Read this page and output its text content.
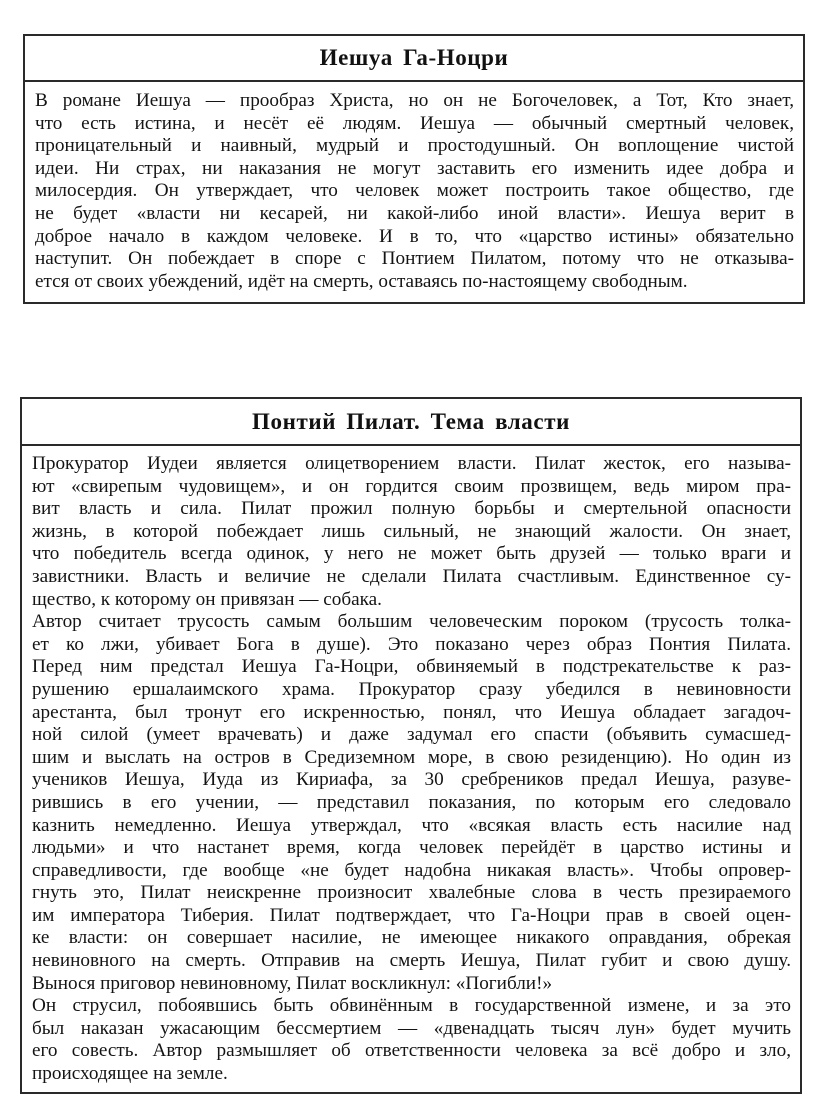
Иешуа Га-Ноцри
В романе Иешуа — прообраз Христа, но он не Богочеловек, а Тот, Кто знает,
что есть истина, и несёт её людям. Иешуа — обычный смертный человек,
проницательный и наивный, мудрый и простодушный. Он воплощение чистой
идеи. Ни страх, ни наказания не могут заставить его изменить идее добра и
милосердия. Он утверждает, что человек может построить такое общество, где
не будет «власти ни кесарей, ни какой-либо иной власти». Иешуа верит в
доброе начало в каждом человеке. И в то, что «царство истины» обязательно
наступит. Он побеждает в споре с Понтием Пилатом, потому что не отказыва-
ется от своих убеждений, идёт на смерть, оставаясь по-настоящему свободным.
Понтий Пилат. Тема власти
Прокуратор Иудеи является олицетворением власти. Пилат жесток, его называ-
ют «свирепым чудовищем», и он гордится своим прозвищем, ведь миром пра-
вит власть и сила. Пилат прожил полную борьбы и смертельной опасности
жизнь, в которой побеждает лишь сильный, не знающий жалости. Он знает,
что победитель всегда одинок, у него не может быть друзей — только враги и
завистники. Власть и величие не сделали Пилата счастливым. Единственное су-
щество, к которому он привязан — собака.
Автор считает трусость самым большим человеческим пороком (трусость толка-
ет ко лжи, убивает Бога в душе). Это показано через образ Понтия Пилата.
Перед ним предстал Иешуа Га-Ноцри, обвиняемый в подстрекательстве к раз-
рушению ершалаимского храма. Прокуратор сразу убедился в невиновности
арестанта, был тронут его искренностью, понял, что Иешуа обладает загадоч-
ной силой (умеет врачевать) и даже задумал его спасти (объявить сумасшед-
шим и выслать на остров в Средиземном море, в свою резиденцию). Но один из
учеников Иешуа, Иуда из Кириафа, за 30 сребреников предал Иешуа, разуве-
рившись в его учении, — представил показания, по которым его следовало
казнить немедленно. Иешуа утверждал, что «всякая власть есть насилие над
людьми» и что настанет время, когда человек перейдёт в царство истины и
справедливости, где вообще «не будет надобна никакая власть». Чтобы опровер-
гнуть это, Пилат неискренне произносит хвалебные слова в честь презираемого
им императора Тиберия. Пилат подтверждает, что Га-Ноцри прав в своей оцен-
ке власти: он совершает насилие, не имеющее никакого оправдания, обрекая
невиновного на смерть. Отправив на смерть Иешуа, Пилат губит и свою душу.
Вынося приговор невиновному, Пилат воскликнул: «Погибли!»
Он струсил, побоявшись быть обвинённым в государственной измене, и за это
был наказан ужасающим бессмертием — «двенадцать тысяч лун» будет мучить
его совесть. Автор размышляет об ответственности человека за всё добро и зло,
происходящее на земле.
